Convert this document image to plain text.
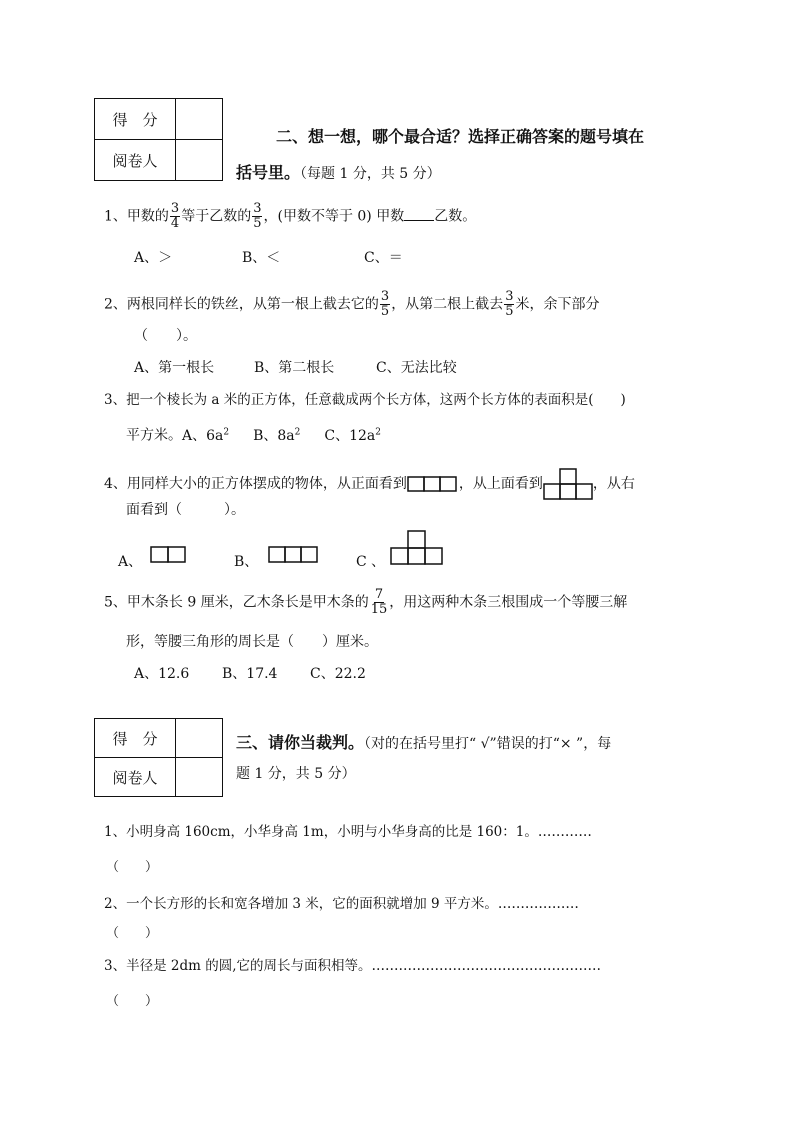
得　分	
阅卷人	
二、想一想，哪个最合适？选择正确答案的题号填在
括号里。（每题 1 分，共 5 分）
1、甲数的 $\frac{3}{4}$ 等于乙数的 $\frac{3}{5}$ ，(甲数不等于 0) 甲数 乙数。
A、＞	B、＜	C、＝
2、两根同样长的铁丝，从第一根上截去它的 $\frac{3}{5}$ ，从第二根上截去 $\frac{3}{5}$ 米，余下部分
（　　）。
A、第一根长	B、第二根长	C、无法比较
3、把一个棱长为 a 米的正方体，任意截成两个长方体，这两个长方体的表面积是(　　)
平方米。A、$6a^2$ B、$8a^2$ C、$12a^2$
4、用同样大小的正方体摆成的物体，从正面看到	，从上面看到	，从右
面看到（　　　）。
A、	B、	C 、
5、甲木条长 9 厘米，乙木条长是甲木条的 $\frac{7}{15}$ ，用这两种木条三根围成一个等腰三解
形，等腰三角形的周长是（　　）厘米。
A、12.6 B、17.4 C、22.2
得　分	
阅卷人	
三、请你当裁判。（对的在括号里打“ √”错误的打“× ”，每
题 1 分，共 5 分）
1、小明身高 160cm，小华身高 1m，小明与小华身高的比是 160：1。…………
（　　）
2、一个长方形的长和宽各增加 3 米，它的面积就增加 9 平方米。………………
（　　）
3、半径是 2dm 的圆,它的周长与面积相等。……………………………………………
（　　）
